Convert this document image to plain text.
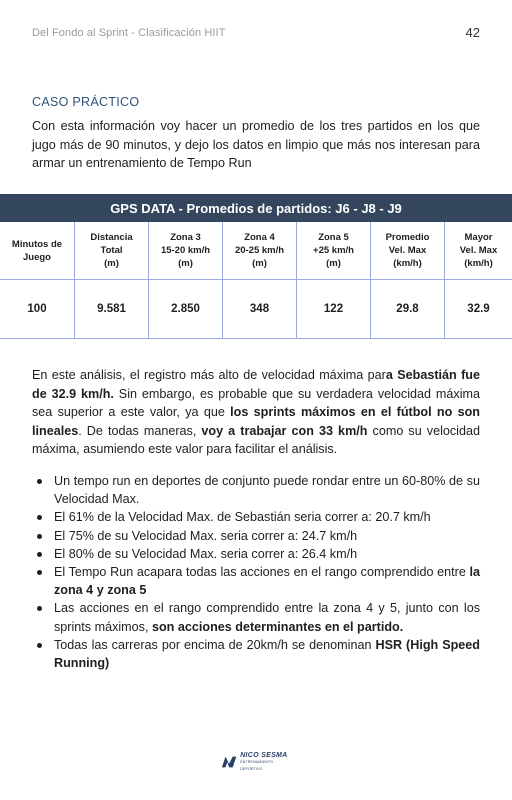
Del Fondo al Sprint - Clasificación HIIT	42
CASO PRÁCTICO
Con esta información voy hacer un promedio de los tres partidos en los que jugo más de 90 minutos, y dejo los datos en limpio que más nos interesan para armar un entrenamiento de Tempo Run
GPS DATA - Promedios de partidos: J6 - J8 - J9
Minutos de
Juego	Distancia
Total
(m)	Zona 3
15-20 km/h
(m)	Zona 4
20-25 km/h
(m)	Zona 5
+25 km/h
(m)	Promedio
Vel. Max
(km/h)	Mayor
Vel. Max
(km/h)

100	9.581	2.850	348	122	29.8	32.9
En este análisis, el registro más alto de velocidad máxima para Sebastián fue de 32.9 km/h. Sin embargo, es probable que su verdadera velocidad máxima sea superior a este valor, ya que los sprints máximos en el fútbol no son lineales. De todas maneras, voy a trabajar con 33 km/h como su velocidad máxima, asumiendo este valor para facilitar el análisis.
Un tempo run en deportes de conjunto puede rondar entre un 60-80% de su Velocidad Max.
El 61% de la Velocidad Max. de Sebastián seria correr a: 20.7 km/h
El 75% de su Velocidad Max. seria correr a: 24.7 km/h
El 80% de su Velocidad Max. seria correr a: 26.4 km/h
El Tempo Run acapara todas las acciones en el rango comprendido entre la zona 4 y zona 5
Las acciones en el rango comprendido entre la zona 4 y 5, junto con los sprints máximos, son acciones determinantes en el partido.
Todas las carreras por encima de 20km/h se denominan HSR (High Speed Running)
NICO SESMA
ENTRENAMIENTO DEPORTIVO
